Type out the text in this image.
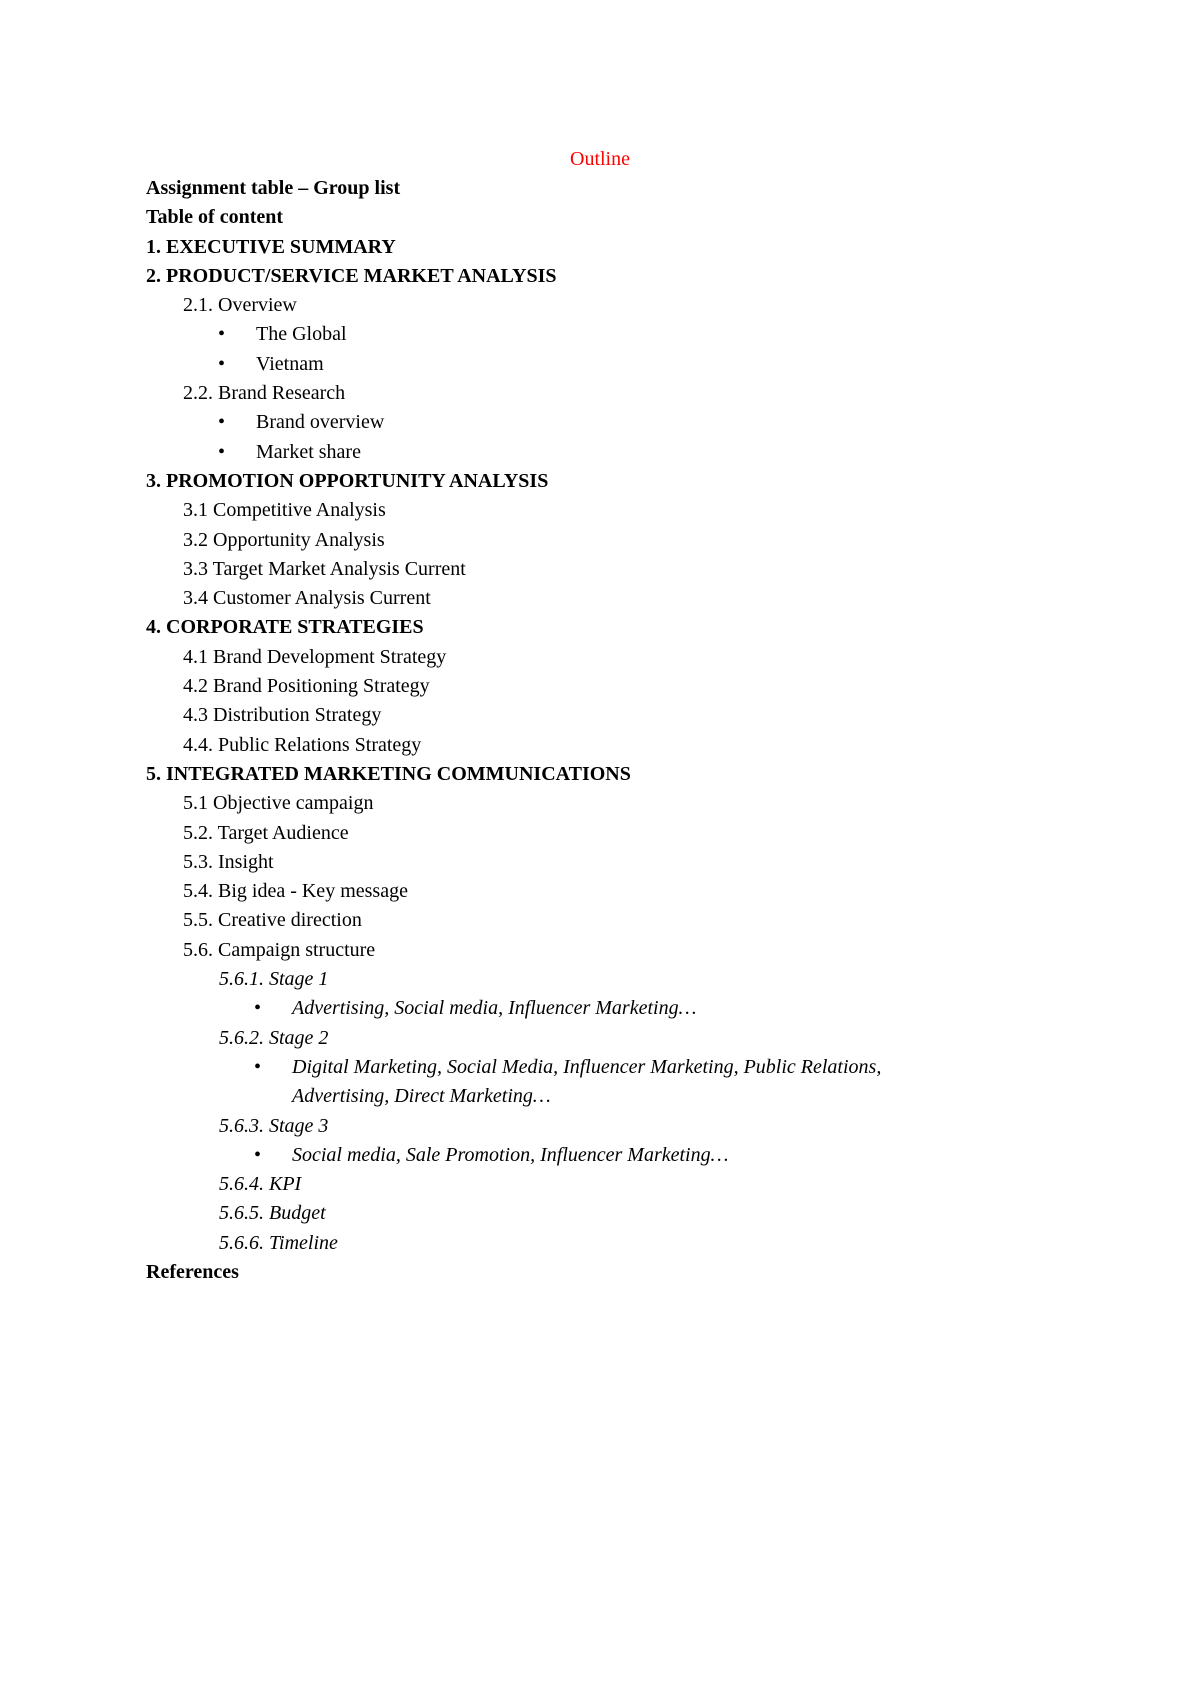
Outline
Assignment table – Group list
Table of content
1. EXECUTIVE SUMMARY
2. PRODUCT/SERVICE MARKET ANALYSIS
2.1. Overview
• The Global
• Vietnam
2.2. Brand Research
• Brand overview
• Market share
3. PROMOTION OPPORTUNITY ANALYSIS
3.1 Competitive Analysis
3.2 Opportunity Analysis
3.3 Target Market Analysis Current
3.4 Customer Analysis Current
4. CORPORATE STRATEGIES
4.1 Brand Development Strategy
4.2 Brand Positioning Strategy
4.3 Distribution Strategy
4.4. Public Relations Strategy
5. INTEGRATED MARKETING COMMUNICATIONS
5.1 Objective campaign
5.2. Target Audience
5.3. Insight
5.4. Big idea - Key message
5.5. Creative direction
5.6. Campaign structure
5.6.1. Stage 1
• Advertising, Social media, Influencer Marketing…
5.6.2. Stage 2
• Digital Marketing, Social Media, Influencer Marketing, Public Relations,
Advertising, Direct Marketing…
5.6.3. Stage 3
• Social media, Sale Promotion, Influencer Marketing…
5.6.4. KPI
5.6.5. Budget
5.6.6. Timeline
References
